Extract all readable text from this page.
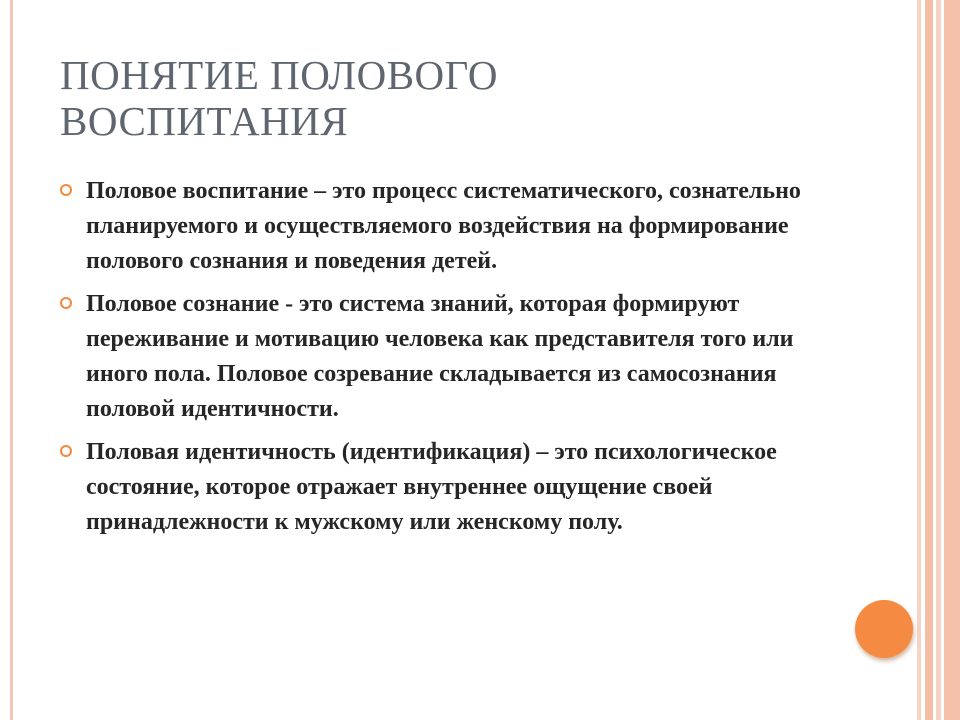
ПОНЯТИЕ ПОЛОВОГО ВОСПИТАНИЯ
Половое воспитание – это процесс систематического, сознательно планируемого и осуществляемого воздействия на формирование полового сознания и поведения детей.
Половое сознание - это система знаний, которая формируют переживание и мотивацию человека как представителя того или иного пола. Половое созревание складывается из самосознания половой идентичности.
Половая идентичность (идентификация) – это психологическое состояние, которое отражает внутреннее ощущение своей принадлежности к мужскому или женскому полу.
